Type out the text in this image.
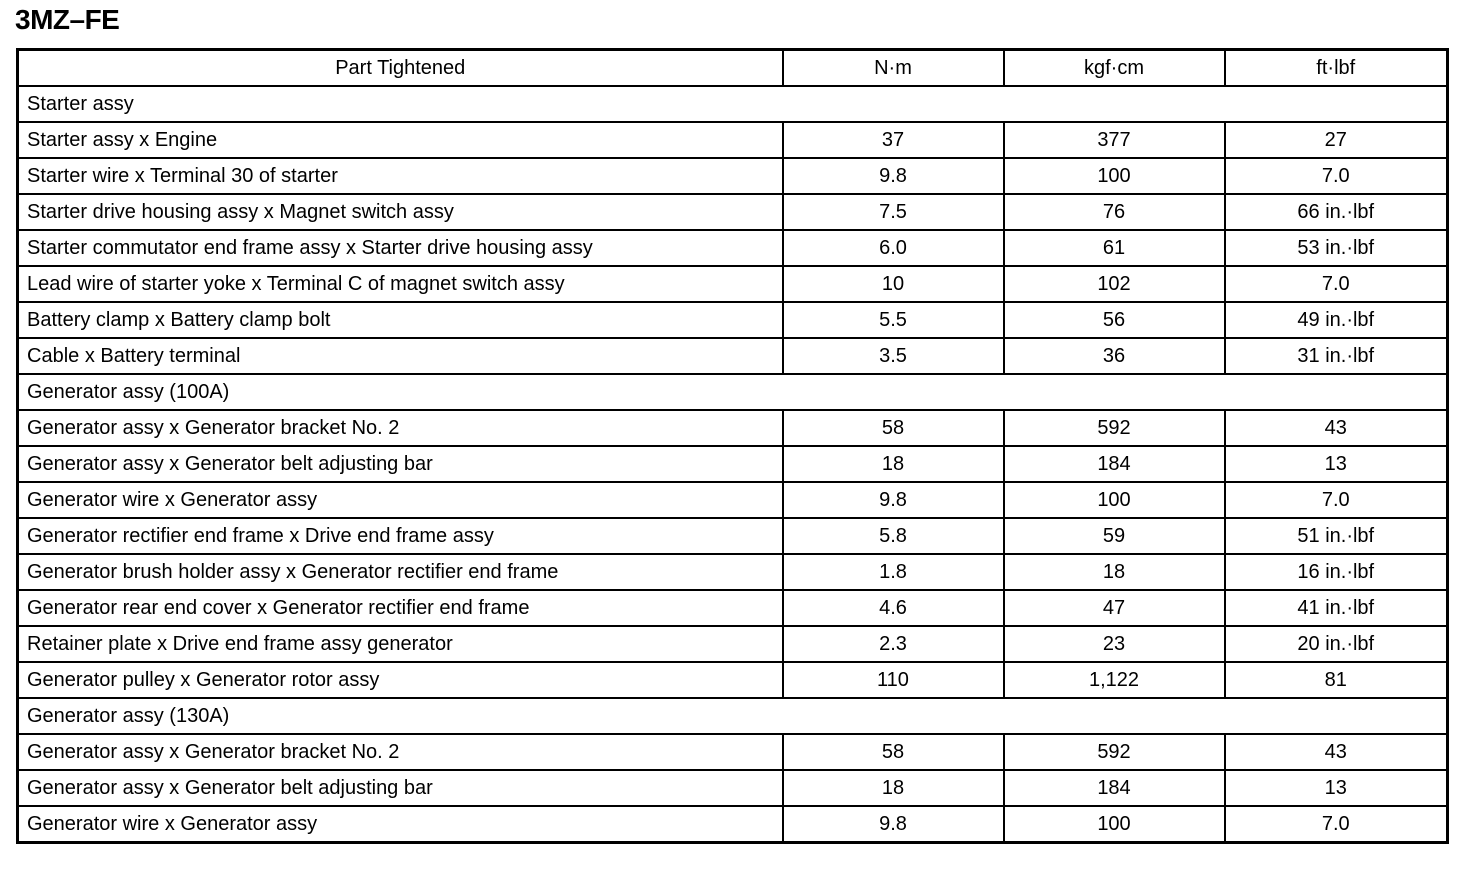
3MZ–FE
Part Tightened	N·m	kgf·cm	ft·lbf
Starter assy			
Starter assy x Engine	37	377	27
Starter wire x Terminal 30 of starter	9.8	100	7.0
Starter drive housing assy x Magnet switch assy	7.5	76	66 in.·lbf
Starter commutator end frame assy x Starter drive housing assy	6.0	61	53 in.·lbf
Lead wire of starter yoke x Terminal C of magnet switch assy	10	102	7.0
Battery clamp x Battery clamp bolt	5.5	56	49 in.·lbf
Cable x Battery terminal	3.5	36	31 in.·lbf
Generator assy (100A)			
Generator assy x Generator bracket No. 2	58	592	43
Generator assy x Generator belt adjusting bar	18	184	13
Generator wire x Generator assy	9.8	100	7.0
Generator rectifier end frame x Drive end frame assy	5.8	59	51 in.·lbf
Generator brush holder assy x Generator rectifier end frame	1.8	18	16 in.·lbf
Generator rear end cover x Generator rectifier end frame	4.6	47	41 in.·lbf
Retainer plate x Drive end frame assy generator	2.3	23	20 in.·lbf
Generator pulley x Generator rotor assy	110	1,122	81
Generator assy (130A)			
Generator assy x Generator bracket No. 2	58	592	43
Generator assy x Generator belt adjusting bar	18	184	13
Generator wire x Generator assy	9.8	100	7.0
